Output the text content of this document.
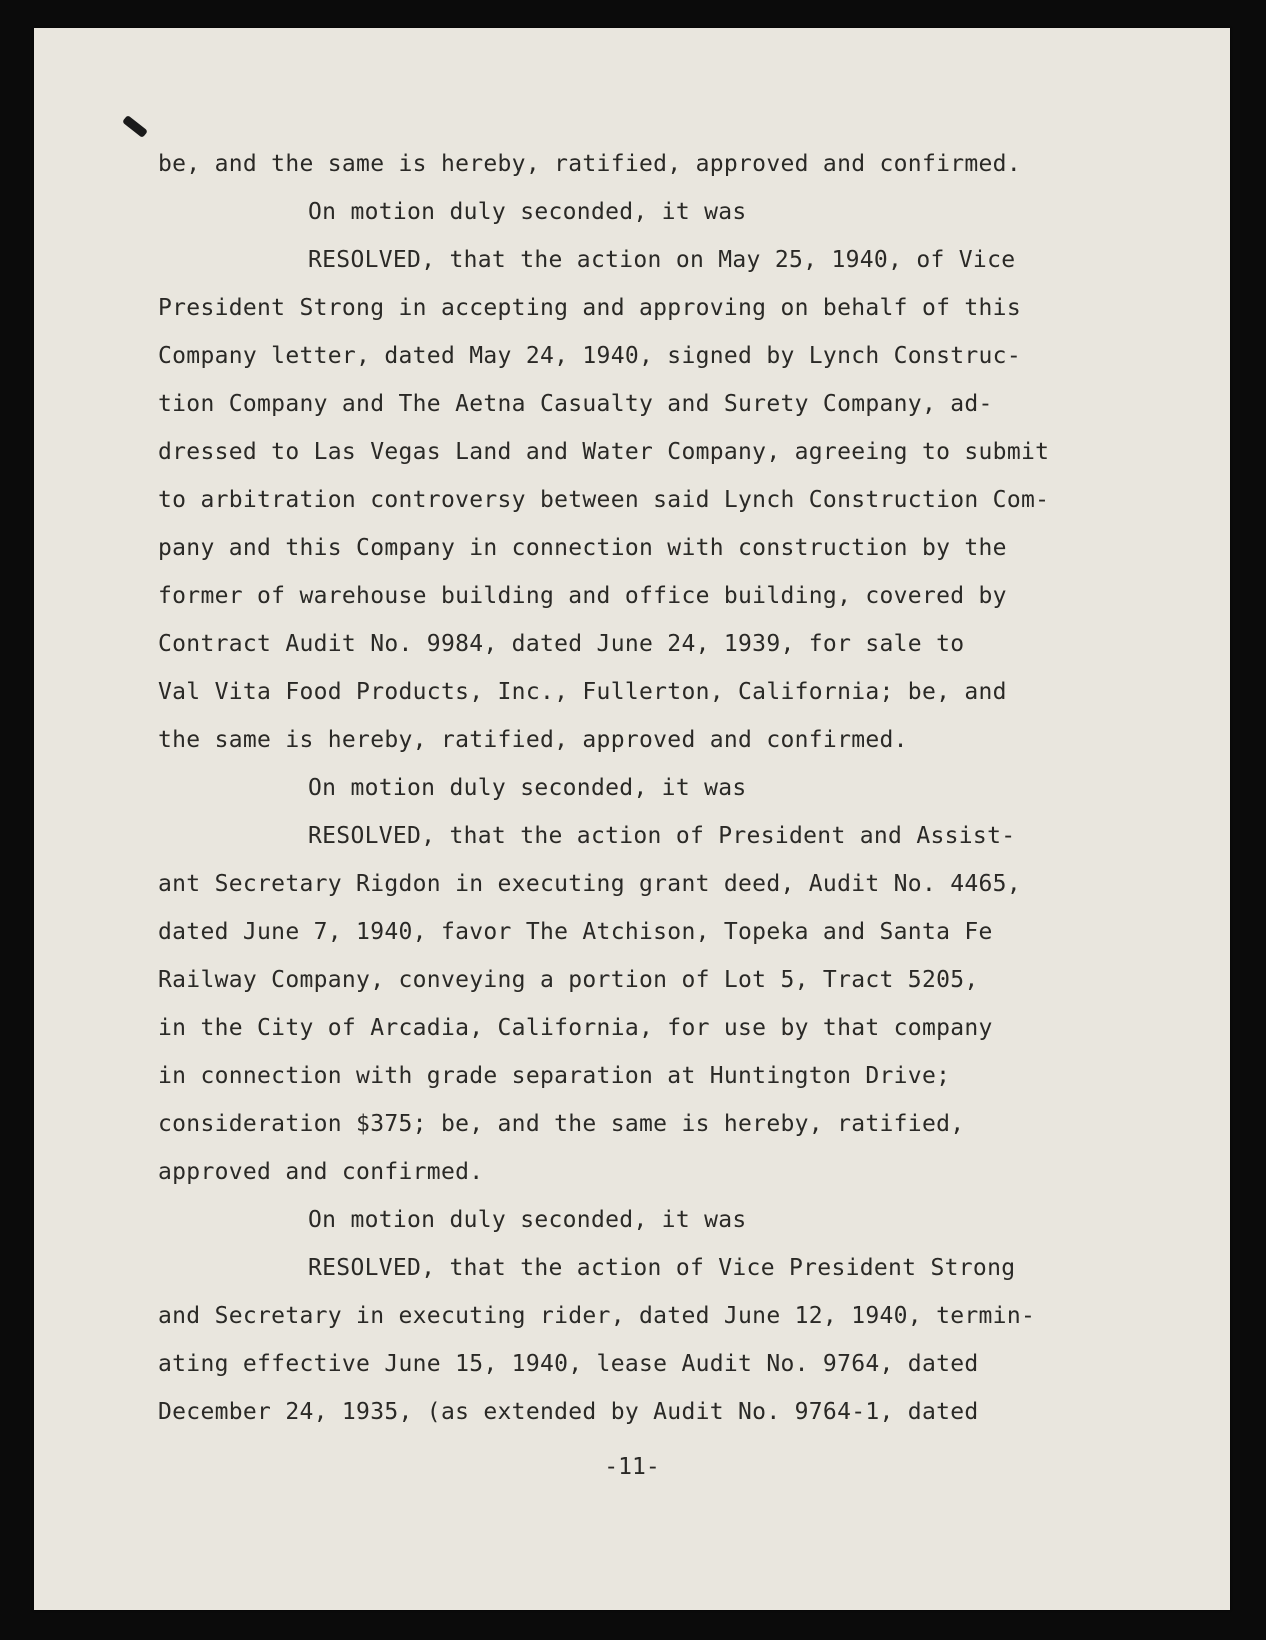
be, and the same is hereby, ratified, approved and confirmed.
On motion duly seconded, it was
RESOLVED, that the action on May 25, 1940, of Vice
President Strong in accepting and approving on behalf of this
Company letter, dated May 24, 1940, signed by Lynch Construc-
tion Company and The Aetna Casualty and Surety Company, ad-
dressed to Las Vegas Land and Water Company, agreeing to submit
to arbitration controversy between said Lynch Construction Com-
pany and this Company in connection with construction by the
former of warehouse building and office building, covered by
Contract Audit No. 9984, dated June 24, 1939, for sale to
Val Vita Food Products, Inc., Fullerton, California; be, and
the same is hereby, ratified, approved and confirmed.
On motion duly seconded, it was
RESOLVED, that the action of President and Assist-
ant Secretary Rigdon in executing grant deed, Audit No. 4465,
dated June 7, 1940, favor The Atchison, Topeka and Santa Fe
Railway Company, conveying a portion of Lot 5, Tract 5205,
in the City of Arcadia, California, for use by that company
in connection with grade separation at Huntington Drive;
consideration $375; be, and the same is hereby, ratified,
approved and confirmed.
On motion duly seconded, it was
RESOLVED, that the action of Vice President Strong
and Secretary in executing rider, dated June 12, 1940, termin-
ating effective June 15, 1940, lease Audit No. 9764, dated
December 24, 1935, (as extended by Audit No. 9764-1, dated
-11-
